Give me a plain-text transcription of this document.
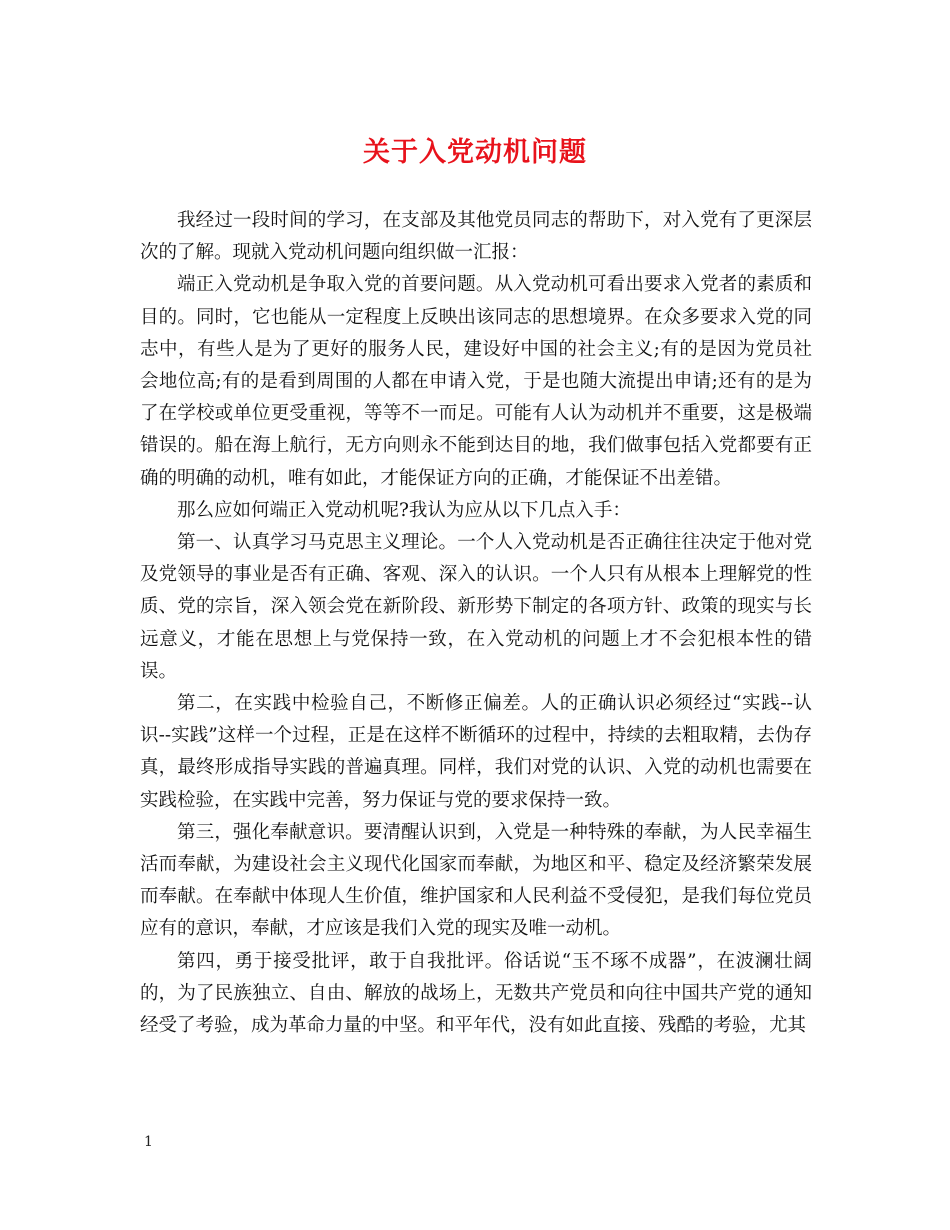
关于入党动机问题

我经过一段时间的学习，在支部及其他党员同志的帮助下，对入党有了更深层次的了解。现就入党动机问题向组织做一汇报：

端正入党动机是争取入党的首要问题。从入党动机可看出要求入党者的素质和目的。同时，它也能从一定程度上反映出该同志的思想境界。在众多要求入党的同志中，有些人是为了更好的服务人民，建设好中国的社会主义;有的是因为党员社会地位高;有的是看到周围的人都在申请入党，于是也随大流提出申请;还有的是为了在学校或单位更受重视，等等不一而足。可能有人认为动机并不重要，这是极端错误的。船在海上航行，无方向则永不能到达目的地，我们做事包括入党都要有正确的明确的动机，唯有如此，才能保证方向的正确，才能保证不出差错。

那么应如何端正入党动机呢?我认为应从以下几点入手：

第一、认真学习马克思主义理论。一个人入党动机是否正确往往决定于他对党及党领导的事业是否有正确、客观、深入的认识。一个人只有从根本上理解党的性质、党的宗旨，深入领会党在新阶段、新形势下制定的各项方针、政策的现实与长远意义，才能在思想上与党保持一致，在入党动机的问题上才不会犯根本性的错误。

第二，在实践中检验自己，不断修正偏差。人的正确认识必须经过“实践--认识--实践”这样一个过程，正是在这样不断循环的过程中，持续的去粗取精，去伪存真，最终形成指导实践的普遍真理。同样，我们对党的认识、入党的动机也需要在实践检验，在实践中完善，努力保证与党的要求保持一致。

第三，强化奉献意识。要清醒认识到，入党是一种特殊的奉献，为人民幸福生活而奉献，为建设社会主义现代化国家而奉献，为地区和平、稳定及经济繁荣发展而奉献。在奉献中体现人生价值，维护国家和人民利益不受侵犯，是我们每位党员应有的意识，奉献，才应该是我们入党的现实及唯一动机。

第四，勇于接受批评，敢于自我批评。俗话说“玉不琢不成器”，在波澜壮阔的，为了民族独立、自由、解放的战场上，无数共产党员和向往中国共产党的通知经受了考验，成为革命力量的中坚。和平年代，没有如此直接、残酷的考验，尤其

1
